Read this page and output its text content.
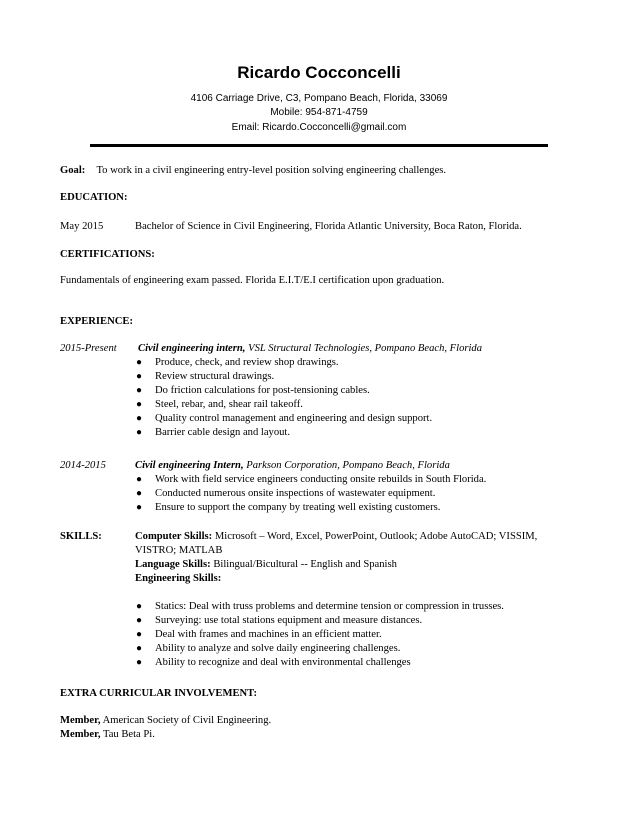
Ricardo Cocconcelli
4106 Carriage Drive, C3, Pompano Beach, Florida, 33069
Mobile: 954-871-4759
Email: Ricardo.Cocconcelli@gmail.com
Goal: To work in a civil engineering entry-level position solving engineering challenges.
EDUCATION:
May 2015	Bachelor of Science in Civil Engineering, Florida Atlantic University, Boca Raton, Florida.
CERTIFICATIONS:
Fundamentals of engineering exam passed. Florida E.I.T/E.I certification upon graduation.
EXPERIENCE:
2015-Present Civil engineering intern, VSL Structural Technologies, Pompano Beach, Florida
● Produce, check, and review shop drawings.
● Review structural drawings.
● Do friction calculations for post-tensioning cables.
● Steel, rebar, and, shear rail takeoff.
● Quality control management and engineering and design support.
● Barrier cable design and layout.
2014-2015	Civil engineering Intern, Parkson Corporation, Pompano Beach, Florida
● Work with field service engineers conducting onsite rebuilds in South Florida.
● Conducted numerous onsite inspections of wastewater equipment.
● Ensure to support the company by treating well existing customers.
SKILLS:	Computer Skills: Microsoft – Word, Excel, PowerPoint, Outlook; Adobe AutoCAD; VISSIM,
VISTRO; MATLAB
Language Skills: Bilingual/Bicultural -- English and Spanish
Engineering Skills:
● Statics: Deal with truss problems and determine tension or compression in trusses.
● Surveying: use total stations equipment and measure distances.
● Deal with frames and machines in an efficient matter.
● Ability to analyze and solve daily engineering challenges.
● Ability to recognize and deal with environmental challenges
EXTRA CURRICULAR INVOLVEMENT:
Member, American Society of Civil Engineering.
Member, Tau Beta Pi.
